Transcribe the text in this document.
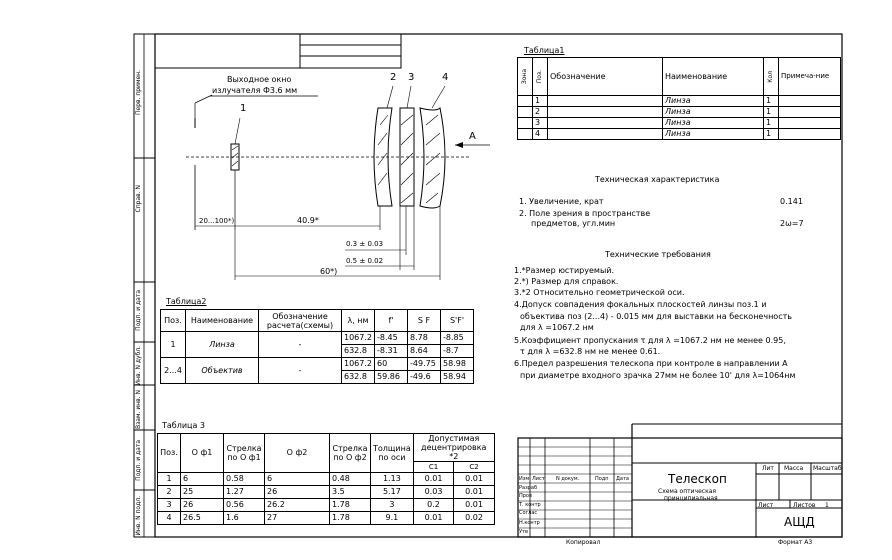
Выходное окно
излучателя Ф3.6 мм
1
2 3	4
А
20...100*)	40.9*
0.3 ± 0.03
0.5 ± 0.02
60*)
Перв. примен.
Справ. N
Подп. и дата
Инв. N дубл.
Взам. инв. N
Подп. и дата
Инв. N подл.
Таблица1
Зона	Поз.	Обозначение	Наименование	Кол	Примеча-ние
	1		Линза	1	
	2		Линза	1	
	3		Линза	1	
	4		Линза	1	
Техническая характеристика
1. Увеличение, крат	0.141
2. Поле зрения в пространстве
предметов, угл.мин	2ω=7
Технические требования
1.*Размер юстируемый.
2.*) Размер для справок.
3.*2 Относительно геометрической оси.
4.Допуск совпадения фокальных плоскостей линзы поз.1 и
объектива поз (2...4) - 0.015 мм для выставки на бесконечность
для λ =1067.2 нм
5.Коэффициент пропускания τ для λ =1067.2 нм не менее 0.95,
τ для λ =632.8 нм не менее 0.61.
6.Предел разрешения телескопа при контроле в направлении А
при диаметре входного зрачка 27мм не более 10' для λ=1064нм
Таблица2
Поз.	Наименование	Обозначение расчета(схемы)	λ, нм	f'	S F	S'F'
1	Линза	-	1067.2	-8.45	8.78	-8.85
			632.8	-8.31	8.64	-8.7
2...4	Объектив	-	1067.2	60	-49.75	58.98
			632.8	59.86	-49.6	58.94
Таблица 3
Поз.	О ф1	Стрелка по О ф1	О ф2	Стрелка по О ф2	Толщина по оси	Допустимая децентрировка *2	
						C1	C2
1	6	0.58	6	0.48	1.13	0.01	0.01
2	25	1.27	26	3.5	5.17	0.03	0.01
3	26	0.56	26.2	1.78	3	0.2	0.01
4	26.5	1.6	27	1.78	9.1	0.01	0.02
Изм Лист N докум.	Подп Дата
Разраб
Пров
Т. контр
Соглас
Н.контр
Утв
Телескоп
Схема оптическая
принципиальная
Лит Масса Масштаб
Лист	Листов 1
АЩД
Копировал	Формат А3
